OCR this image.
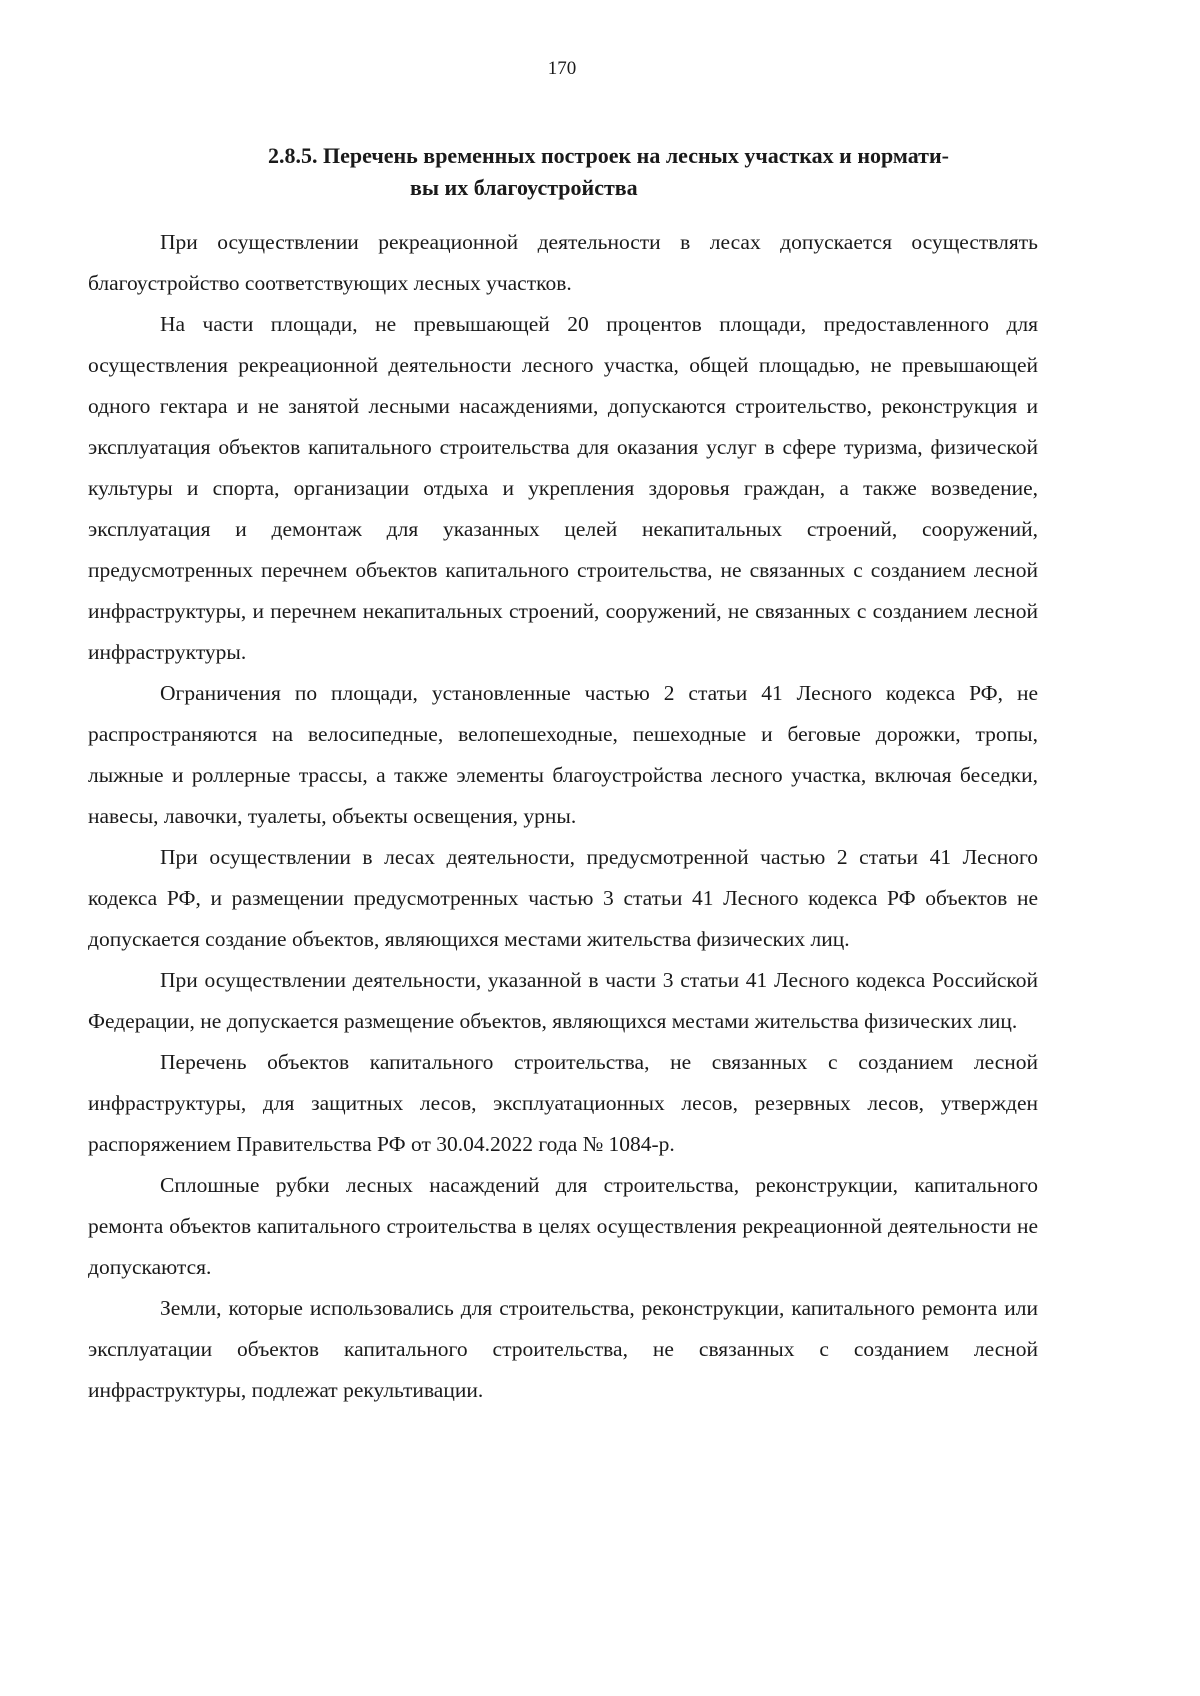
170
2.8.5. Перечень временных построек на лесных участках и нормати-
вы их благоустройства

При осуществлении рекреационной деятельности в лесах допускается осуществлять благоустройство соответствующих лесных участков.

На части площади, не превышающей 20 процентов площади, предоставленного для осуществления рекреационной деятельности лесного участка, общей площадью, не превышающей одного гектара и не занятой лесными насаждениями, допускаются строительство, реконструкция и эксплуатация объектов капитального строительства для оказания услуг в сфере туризма, физической культуры и спорта, организации отдыха и укрепления здоровья граждан, а также возведение, эксплуатация и демонтаж для указанных целей некапитальных строений, сооружений, предусмотренных перечнем объектов капитального строительства, не связанных с созданием лесной инфраструктуры, и перечнем некапитальных строений, сооружений, не связанных с созданием лесной инфраструктуры.

Ограничения по площади, установленные частью 2 статьи 41 Лесного кодекса РФ, не распространяются на велосипедные, велопешеходные, пешеходные и беговые дорожки, тропы, лыжные и роллерные трассы, а также элементы благоустройства лесного участка, включая беседки, навесы, лавочки, туалеты, объекты освещения, урны.

При осуществлении в лесах деятельности, предусмотренной частью 2 статьи 41 Лесного кодекса РФ, и размещении предусмотренных частью 3 статьи 41 Лесного кодекса РФ объектов не допускается создание объектов, являющихся местами жительства физических лиц.

При осуществлении деятельности, указанной в части 3 статьи 41 Лесного кодекса Российской Федерации, не допускается размещение объектов, являющихся местами жительства физических лиц.

Перечень объектов капитального строительства, не связанных с созданием лесной инфраструктуры, для защитных лесов, эксплуатационных лесов, резервных лесов, утвержден распоряжением Правительства РФ от 30.04.2022 года № 1084-р.

Сплошные рубки лесных насаждений для строительства, реконструкции, капитального ремонта объектов капитального строительства в целях осуществления рекреационной деятельности не допускаются.

Земли, которые использовались для строительства, реконструкции, капитального ремонта или эксплуатации объектов капитального строительства, не связанных с созданием лесной инфраструктуры, подлежат рекультивации.
